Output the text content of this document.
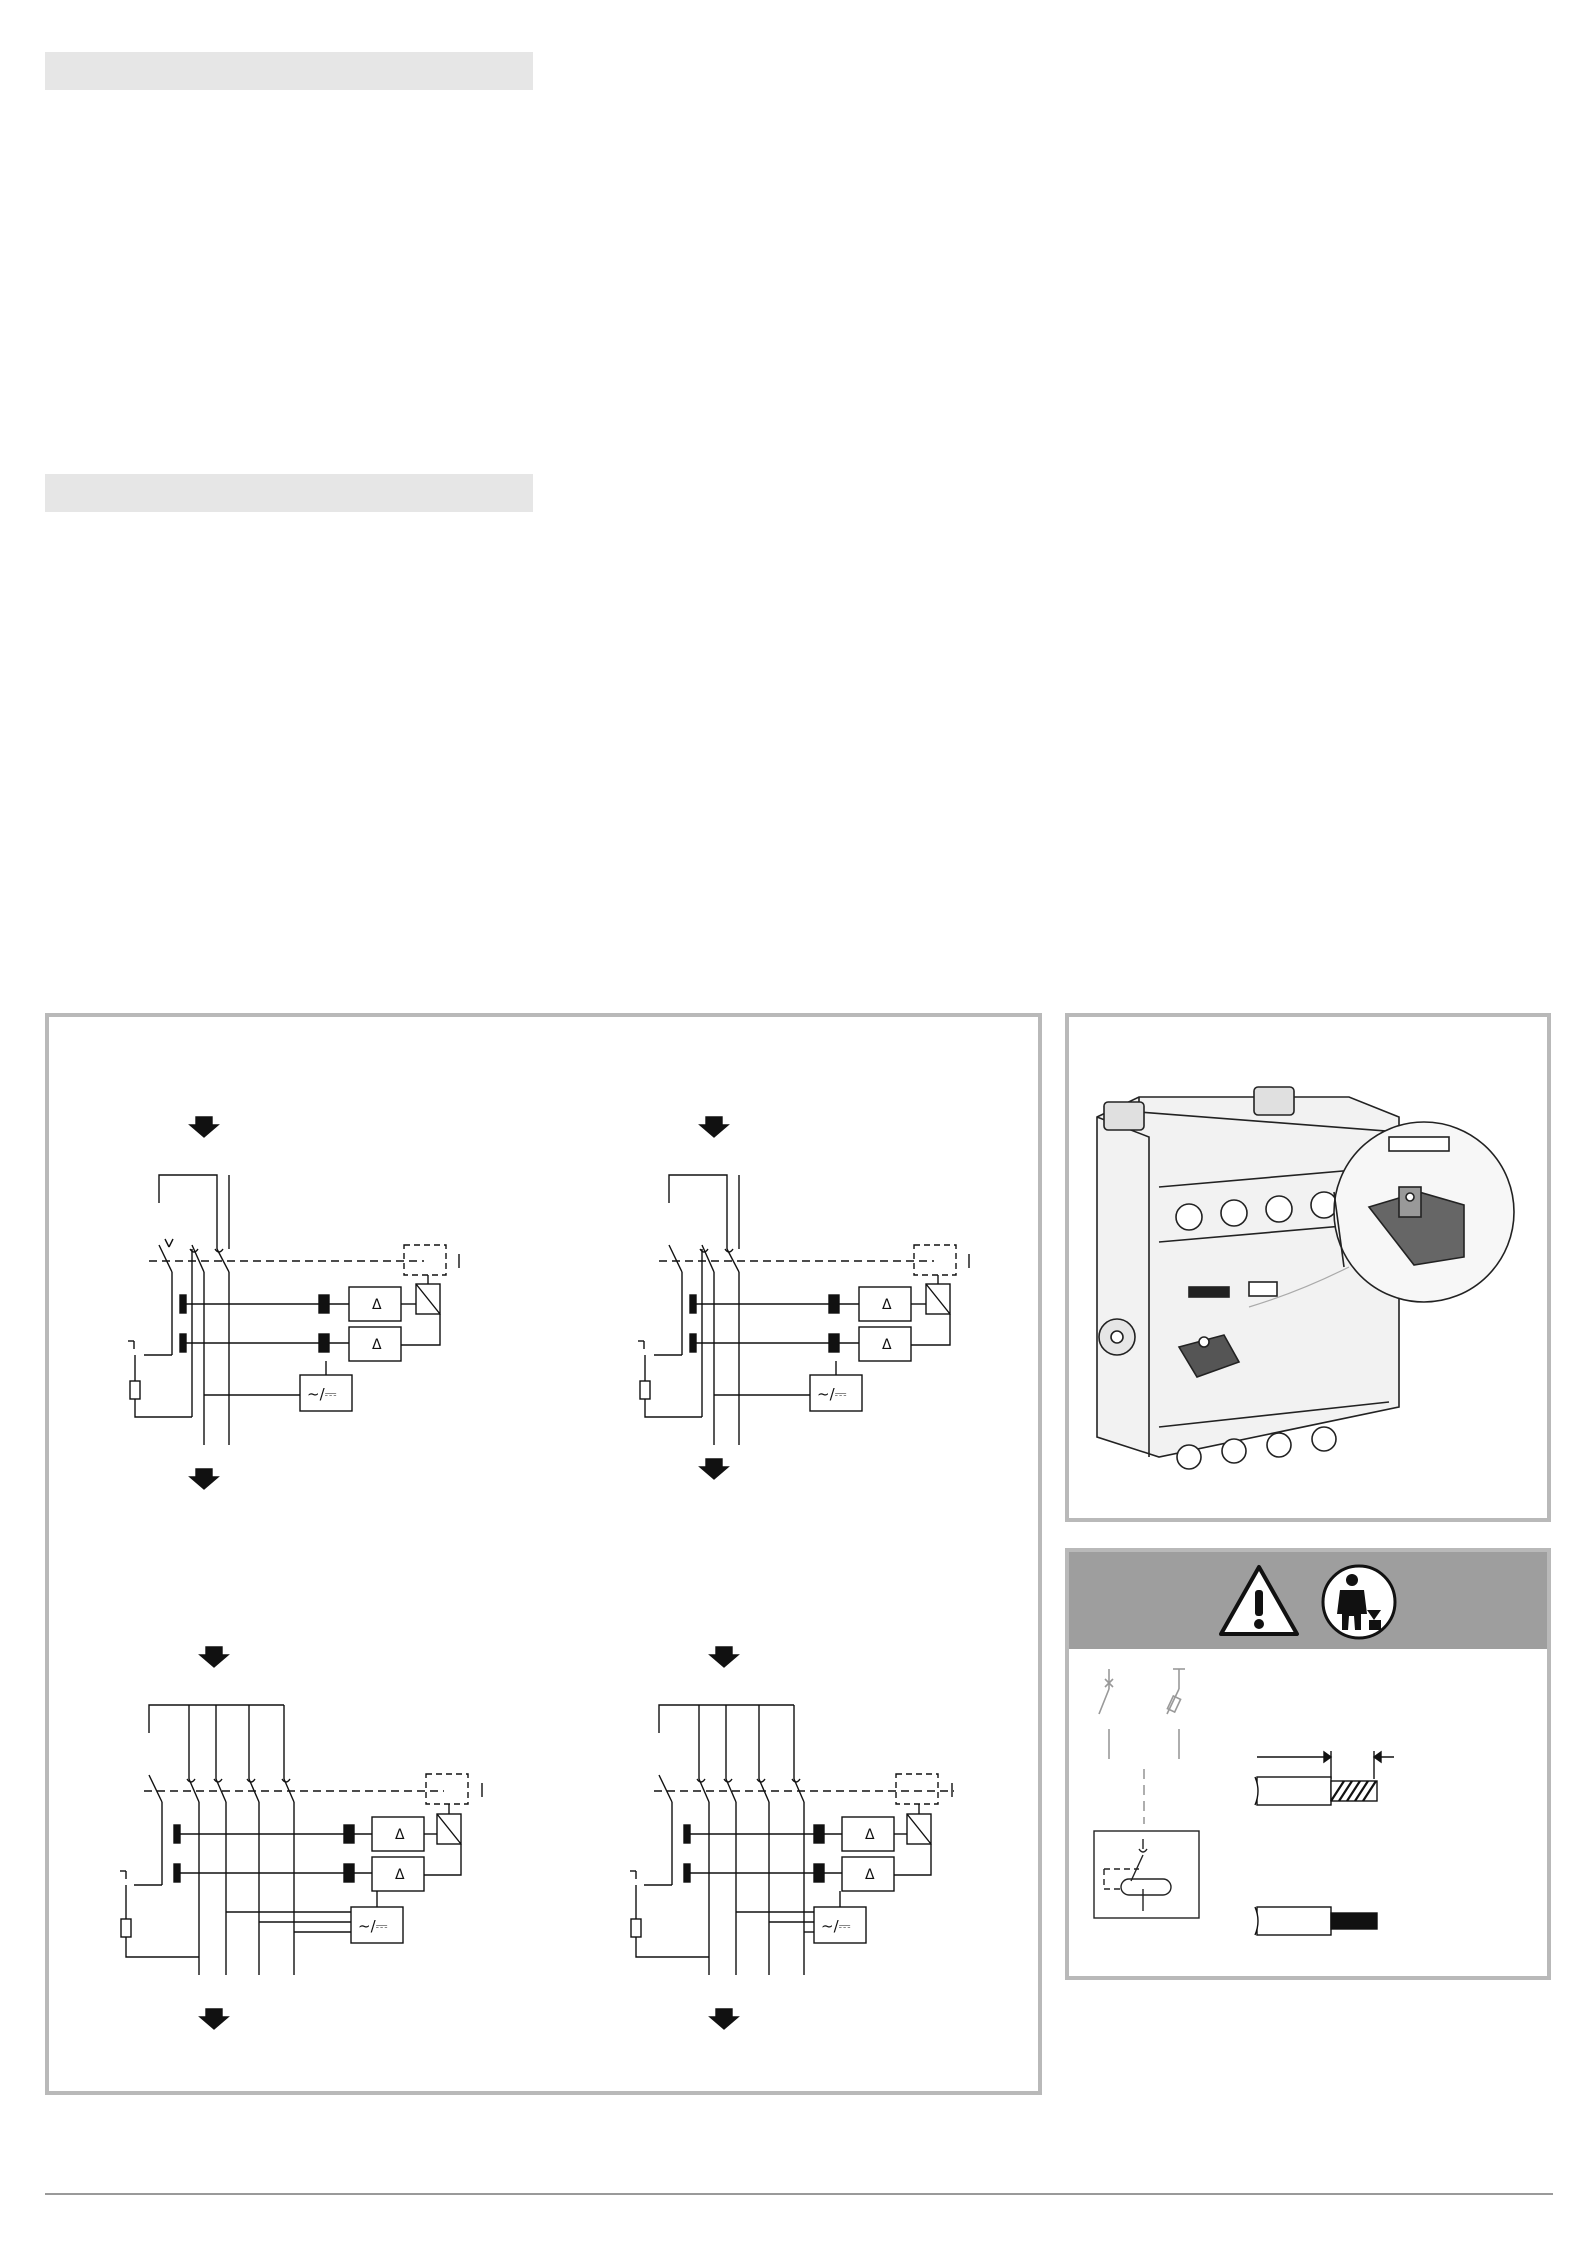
Δ
Δ
~/⎓
Δ
Δ
~/⎓
Δ
Δ
~/⎓
Δ
Δ
~/⎓
